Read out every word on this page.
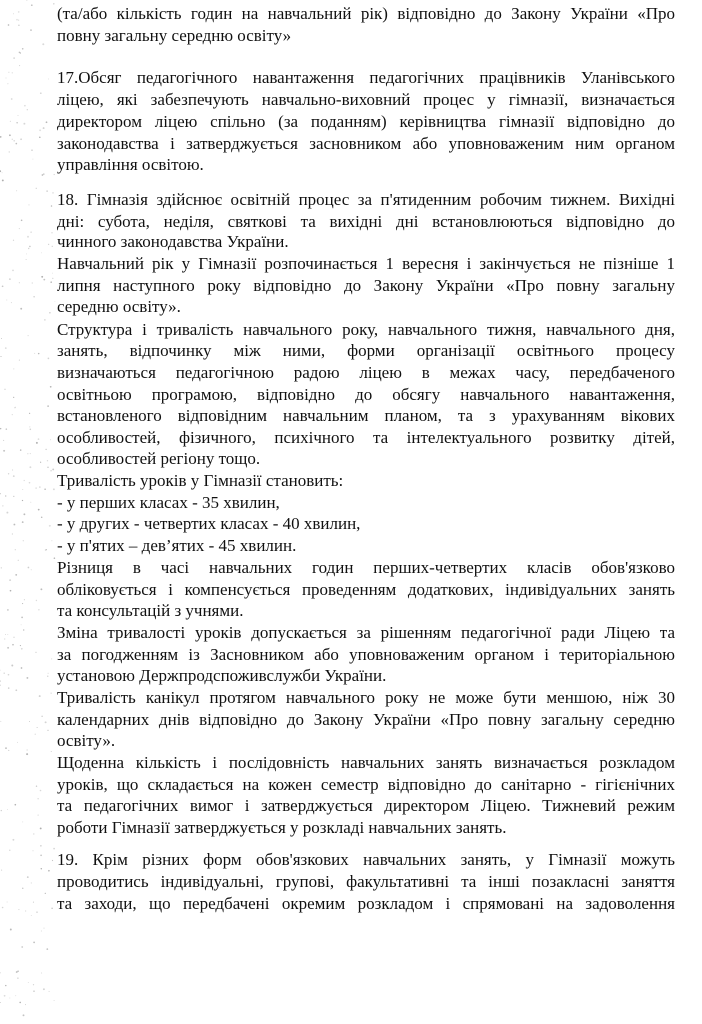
(та/або кількість годин на навчальний рік) відповідно до Закону України «Про
повну загальну середню освіту»
17.Обсяг педагогічного навантаження педагогічних працівників Уланівського
ліцею, які забезпечують навчально-виховний процес у гімназії, визначається
директором ліцею спільно (за поданням) керівництва гімназії відповідно до
законодавства і затверджується засновником або уповноваженим ним органом
управління освітою.
18. Гімназія здійснює освітній процес за п'ятиденним робочим тижнем. Вихідні
дні: субота, неділя, святкові та вихідні дні встановлюються відповідно до
чинного законодавства України.
Навчальний рік у Гімназії розпочинається 1 вересня і закінчується не пізніше 1
липня наступного року відповідно до Закону України «Про повну загальну
середню освіту».
Структура і тривалість навчального року, навчального тижня, навчального дня,
занять, відпочинку між ними, форми організації освітнього процесу
визначаються педагогічною радою ліцею в межах часу, передбаченого
освітньою програмою, відповідно до обсягу навчального навантаження,
встановленого відповідним навчальним планом, та з урахуванням вікових
особливостей, фізичного, психічного та інтелектуального розвитку дітей,
особливостей регіону тощо.
Тривалість уроків у Гімназії становить:
- у перших класах - 35 хвилин,
- у других - четвертих класах - 40 хвилин,
- у п'ятих – дев’ятих - 45 хвилин.
Різниця в часі навчальних годин перших-четвертих класів обов'язково
обліковується і компенсується проведенням додаткових, індивідуальних занять
та консультацій з учнями.
Зміна тривалості уроків допускається за рішенням педагогічної ради Ліцею та
за погодженням із Засновником або уповноваженим органом і територіальною
установою Держпродспоживслужби України.
Тривалість канікул протягом навчального року не може бути меншою, ніж 30
календарних днів відповідно до Закону України «Про повну загальну середню
освіту».
Щоденна кількість і послідовність навчальних занять визначається розкладом
уроків, що складається на кожен семестр відповідно до санітарно - гігієнічних
та педагогічних вимог і затверджується директором Ліцею. Тижневий режим
роботи Гімназії затверджується у розкладі навчальних занять.
19. Крім різних форм обов'язкових навчальних занять, у Гімназії можуть
проводитись індивідуальні, групові, факультативні та інші позакласні заняття
та заходи, що передбачені окремим розкладом і спрямовані на задоволення
